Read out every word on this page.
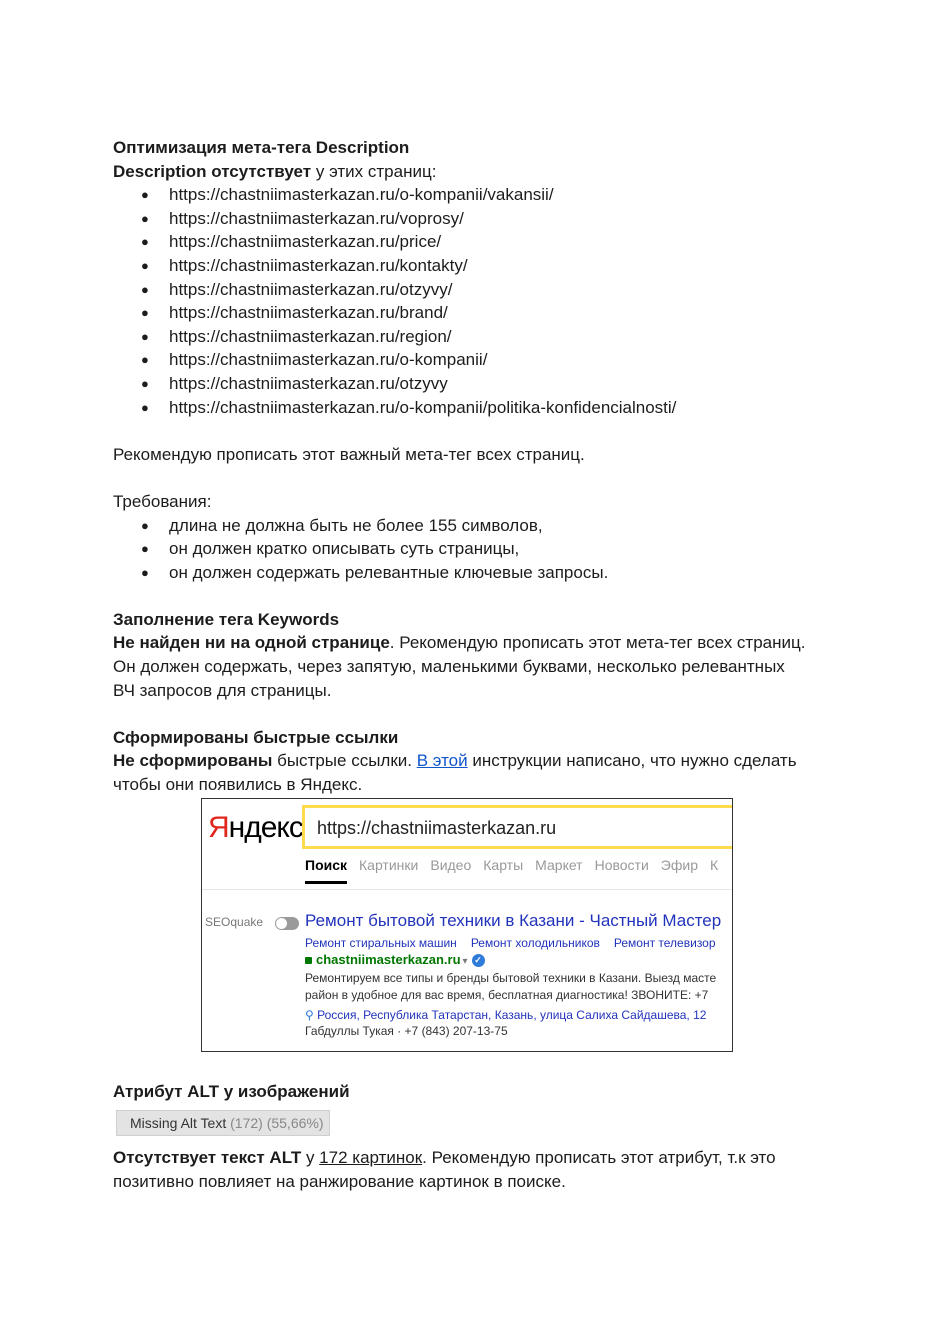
Оптимизация мета-тега Description

Description отсутствует у этих страниц:

● https://chastniimasterkazan.ru/o-kompanii/vakansii/
● https://chastniimasterkazan.ru/voprosy/
● https://chastniimasterkazan.ru/price/
● https://chastniimasterkazan.ru/kontakty/
● https://chastniimasterkazan.ru/otzyvy/
● https://chastniimasterkazan.ru/brand/
● https://chastniimasterkazan.ru/region/
● https://chastniimasterkazan.ru/o-kompanii/
● https://chastniimasterkazan.ru/otzyvy
● https://chastniimasterkazan.ru/o-kompanii/politika-konfidencialnosti/

Рекомендую прописать этот важный мета-тег всех страниц.

Требования:

● длина не должна быть не более 155 символов,
● он должен кратко описывать суть страницы,
● он должен содержать релевантные ключевые запросы.

Заполнение тега Keywords

Не найден ни на одной странице. Рекомендую прописать этот мета-тег всех страниц.

Он должен содержать, через запятую, маленькими буквами, несколько релевантных

ВЧ запросов для страницы.

Сформированы быстрые ссылки

Не сформированы быстрые ссылки. В этой инструкции написано, что нужно сделать

чтобы они появились в Яндекс.

Яндекс https://chastniimasterkazan.ru
Поиск Картинки Видео Карты Маркет Новости Эфир К
SEOquake Ремонт бытовой техники в Казани - Частный Мастер
Ремонт стиральных машин Ремонт холодильников Ремонт телевизор
chastniimasterkazan.ru ▾ ✓
Ремонтируем все типы и бренды бытовой техники в Казани. Выезд масте
район в удобное для вас время, бесплатная диагностика! ЗВОНИТЕ: +7
⚲ Россия, Республика Татарстан, Казань, улица Салиха Сайдашева, 12
Габдуллы Тукая · +7 (843) 207-13-75

Атрибут ALT у изображений

Missing Alt Text (172) (55,66%)

Отсутствует текст ALT у 172 картинок. Рекомендую прописать этот атрибут, т.к это

позитивно повлияет на ранжирование картинок в поиске.
